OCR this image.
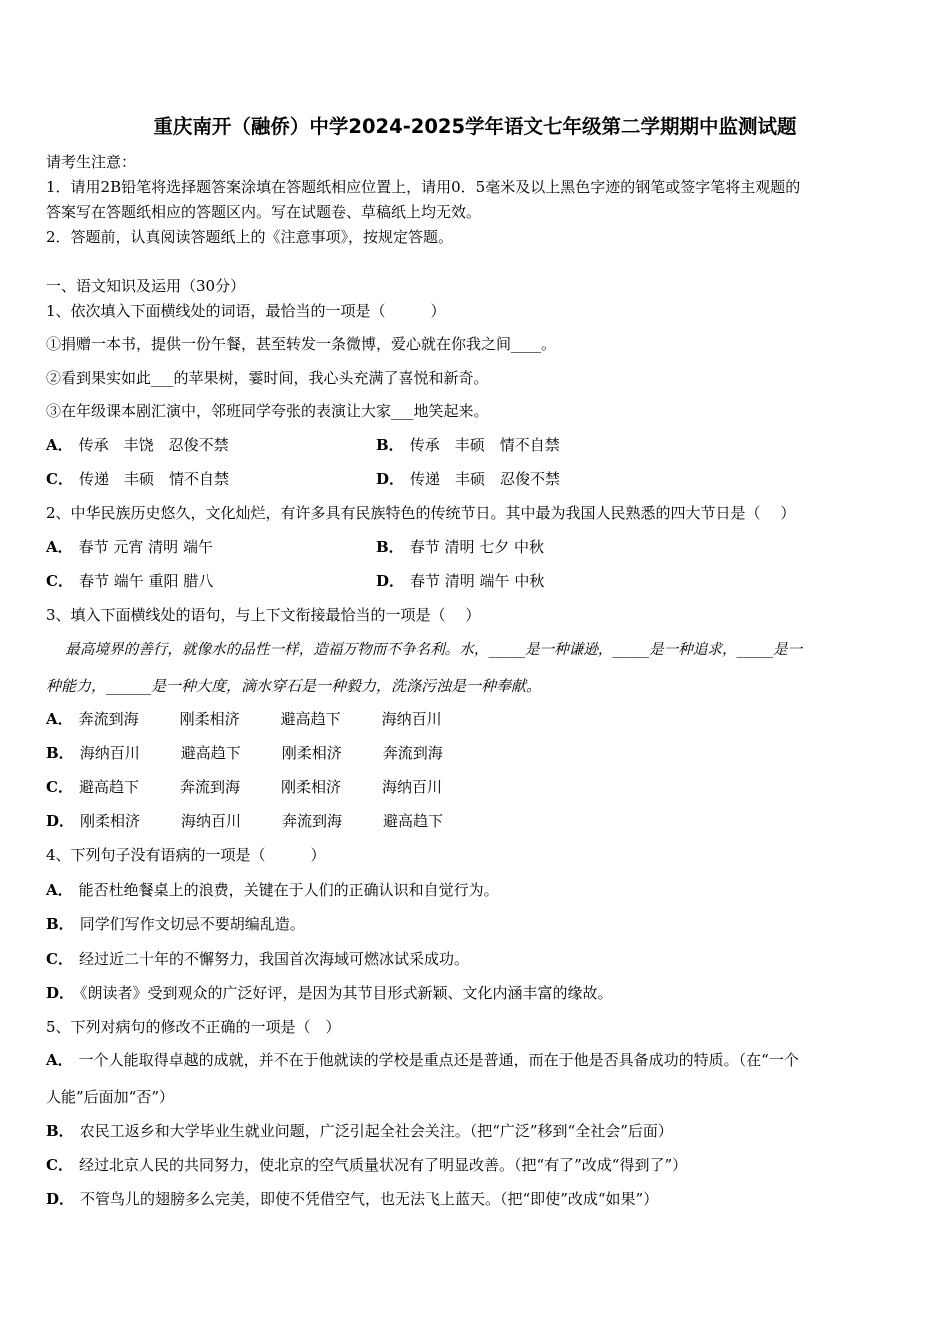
重庆南开（融侨）中学2024-2025学年语文七年级第二学期期中监测试题
请考生注意：
1．请用2B铅笔将选择题答案涂填在答题纸相应位置上，请用0．5毫米及以上黑色字迹的钢笔或签字笔将主观题的
答案写在答题纸相应的答题区内。写在试题卷、草稿纸上均无效。
2．答题前，认真阅读答题纸上的《注意事项》，按规定答题。
一、语文知识及运用（30分）
1、依次填入下面横线处的词语，最恰当的一项是（　　　）
①捐赠一本书，提供一份午餐，甚至转发一条微博，爱心就在你我之间____。
②看到果实如此___的苹果树，霎时间，我心头充满了喜悦和新奇。
③在年级课本剧汇演中，邻班同学夸张的表演让大家___地笑起来。
A． 传承　丰饶　忍俊不禁	B． 传承　丰硕　情不自禁
C． 传递　丰硕　情不自禁	D． 传递　丰硕　忍俊不禁
2、中华民族历史悠久，文化灿烂，有许多具有民族特色的传统节日。其中最为我国人民熟悉的四大节日是（　 ）
A． 春节 元宵 清明 端午	B． 春节 清明 七夕 中秋
C． 春节 端午 重阳 腊八	D． 春节 清明 端午 中秋
3、填入下面横线处的语句，与上下文衔接最恰当的一项是（　 ）
　 最高境界的善行，就像水的品性一样，造福万物而不争名利。水，_____是一种谦逊，_____是一种追求，_____是一
种能力，______是一种大度，滴水穿石是一种毅力，洗涤污浊是一种奉献。
A． 奔流到海	刚柔相济	避高趋下	海纳百川
B． 海纳百川	避高趋下	刚柔相济	奔流到海
C． 避高趋下	奔流到海	刚柔相济	海纳百川
D． 刚柔相济	海纳百川	奔流到海	避高趋下
4、下列句子没有语病的一项是（　　　）
A． 能否杜绝餐桌上的浪费，关键在于人们的正确认识和自觉行为。
B． 同学们写作文切忌不要胡编乱造。
C． 经过近二十年的不懈努力，我国首次海域可燃冰试采成功。
D． 《朗读者》受到观众的广泛好评，是因为其节目形式新颖、文化内涵丰富的缘故。
5、下列对病句的修改不正确的一项是（　）
A． 一个人能取得卓越的成就，并不在于他就读的学校是重点还是普通，而在于他是否具备成功的特质。（在“一个
人能”后面加“否”）
B． 农民工返乡和大学毕业生就业问题，广泛引起全社会关注。（把“广泛”移到“全社会”后面）
C． 经过北京人民的共同努力，使北京的空气质量状况有了明显改善。（把“有了”改成“得到了”）
D． 不管鸟儿的翅膀多么完美，即使不凭借空气，也无法飞上蓝天。（把“即使”改成“如果”）
